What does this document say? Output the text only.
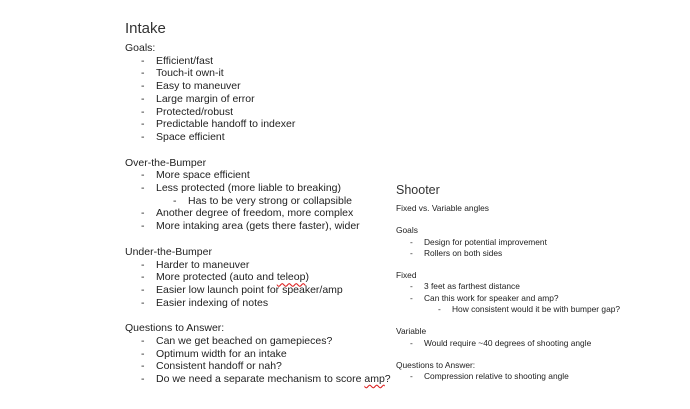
Intake
Goals:
- Efficient/fast
- Touch-it own-it
- Easy to maneuver
- Large margin of error
- Protected/robust
- Predictable handoff to indexer
- Space efficient
Over-the-Bumper
- More space efficient
- Less protected (more liable to breaking)
- Has to be very strong or collapsible
- Another degree of freedom, more complex
- More intaking area (gets there faster), wider
Under-the-Bumper
- Harder to maneuver
- More protected (auto and teleop)
- Easier low launch point for speaker/amp
- Easier indexing of notes
Questions to Answer:
- Can we get beached on gamepieces?
- Optimum width for an intake
- Consistent handoff or nah?
- Do we need a separate mechanism to score amp?
Shooter
Fixed vs. Variable angles
Goals
- Design for potential improvement
- Rollers on both sides
Fixed
- 3 feet as farthest distance
- Can this work for speaker and amp?
- How consistent would it be with bumper gap?
Variable
- Would require ~40 degrees of shooting angle
Questions to Answer:
- Compression relative to shooting angle
